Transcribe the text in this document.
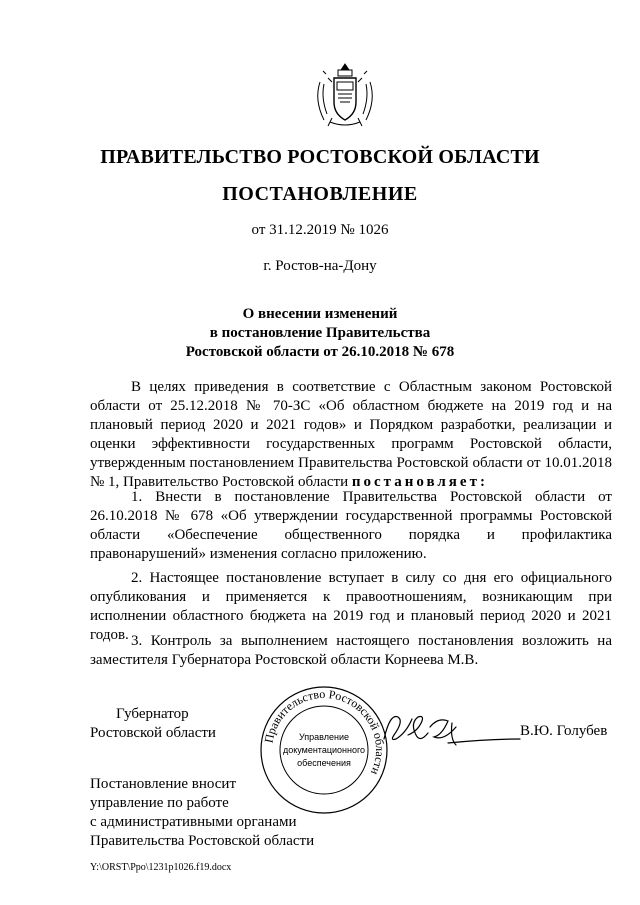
ПРАВИТЕЛЬСТВО РОСТОВСКОЙ ОБЛАСТИ
ПОСТАНОВЛЕНИЕ
от 31.12.2019 № 1026
г. Ростов-на-Дону
О внесении изменений
в постановление Правительства
Ростовской области от 26.10.2018 № 678

В целях приведения в соответствие с Областным законом Ростовской области от 25.12.2018 № 70-ЗС «Об областном бюджете на 2019 год и на плановый период 2020 и 2021 годов» и Порядком разработки, реализации и оценки эффективности государственных программ Ростовской области, утвержденным постановлением Правительства Ростовской области от 10.01.2018 № 1, Правительство Ростовской области постановляет:

1. Внести в постановление Правительства Ростовской области от 26.10.2018 № 678 «Об утверждении государственной программы Ростовской области «Обеспечение общественного порядка и профилактика правонарушений» изменения согласно приложению.

2. Настоящее постановление вступает в силу со дня его официального опубликования и применяется к правоотношениям, возникающим при исполнении областного бюджета на 2019 год и плановый период 2020 и 2021 годов. 3. Контроль за выполнением настоящего постановления возложить на заместителя Губернатора Ростовской области Корнеева М.В.

Губернатор
Ростовской области	Правительство Ростовской области
Управление
документационного
обеспечения
В.Ю. Голубев
Постановление вносит
управление по работе
с административными органами
Правительства Ростовской области
Y:\ORST\Ppo\1231p1026.f19.docx
